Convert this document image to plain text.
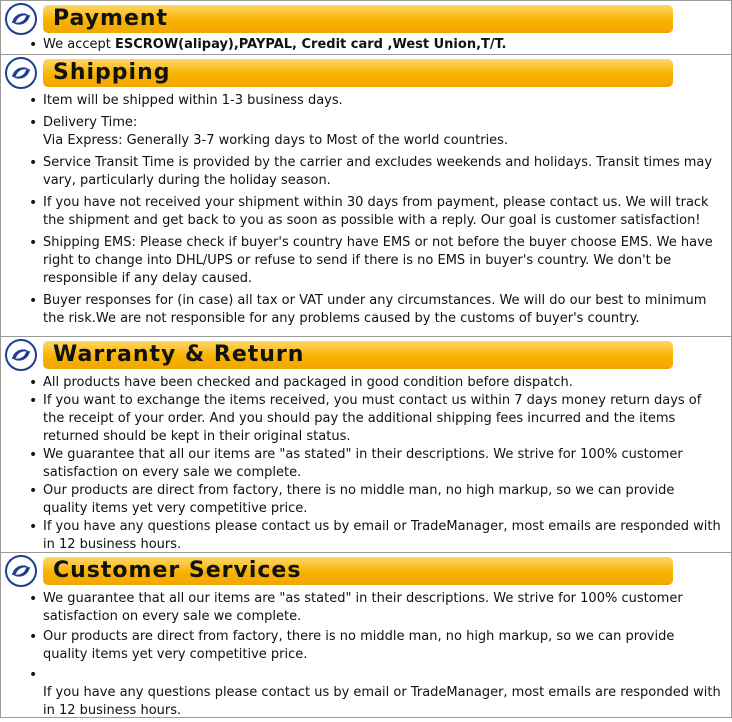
Payment
• We accept ESCROW(alipay),PAYPAL, Credit card ,West Union,T/T.
Shipping
• Item will be shipped within 1-3 business days.
• Delivery Time:
Via Express: Generally 3-7 working days to Most of the world countries.
• Service Transit Time is provided by the carrier and excludes weekends and holidays. Transit times may vary, particularly during the holiday season.
• If you have not received your shipment within 30 days from payment, please contact us. We will track the shipment and get back to you as soon as possible with a reply. Our goal is customer satisfaction!
• Shipping EMS: Please check if buyer's country have EMS or not before the buyer choose EMS. We have right to change into DHL/UPS or refuse to send if there is no EMS in buyer's country. We don't be responsible if any delay caused.
• Buyer responses for (in case) all tax or VAT under any circumstances. We will do our best to minimum the risk.We are not responsible for any problems caused by the customs of buyer's country.
Warranty & Return
• All products have been checked and packaged in good condition before dispatch.
• If you want to exchange the items received, you must contact us within 7 days money return days of the receipt of your order. And you should pay the additional shipping fees incurred and the items returned should be kept in their original status.
• We guarantee that all our items are "as stated" in their descriptions. We strive for 100% customer satisfaction on every sale we complete.
• Our products are direct from factory, there is no middle man, no high markup, so we can provide quality items yet very competitive price.
• If you have any questions please contact us by email or TradeManager, most emails are responded with in 12 business hours.
Customer Services
• We guarantee that all our items are "as stated" in their descriptions. We strive for 100% customer satisfaction on every sale we complete.
• Our products are direct from factory, there is no middle man, no high markup, so we can provide quality items yet very competitive price.

• If you have any questions please contact us by email or TradeManager, most emails are responded with in 12 business hours.
